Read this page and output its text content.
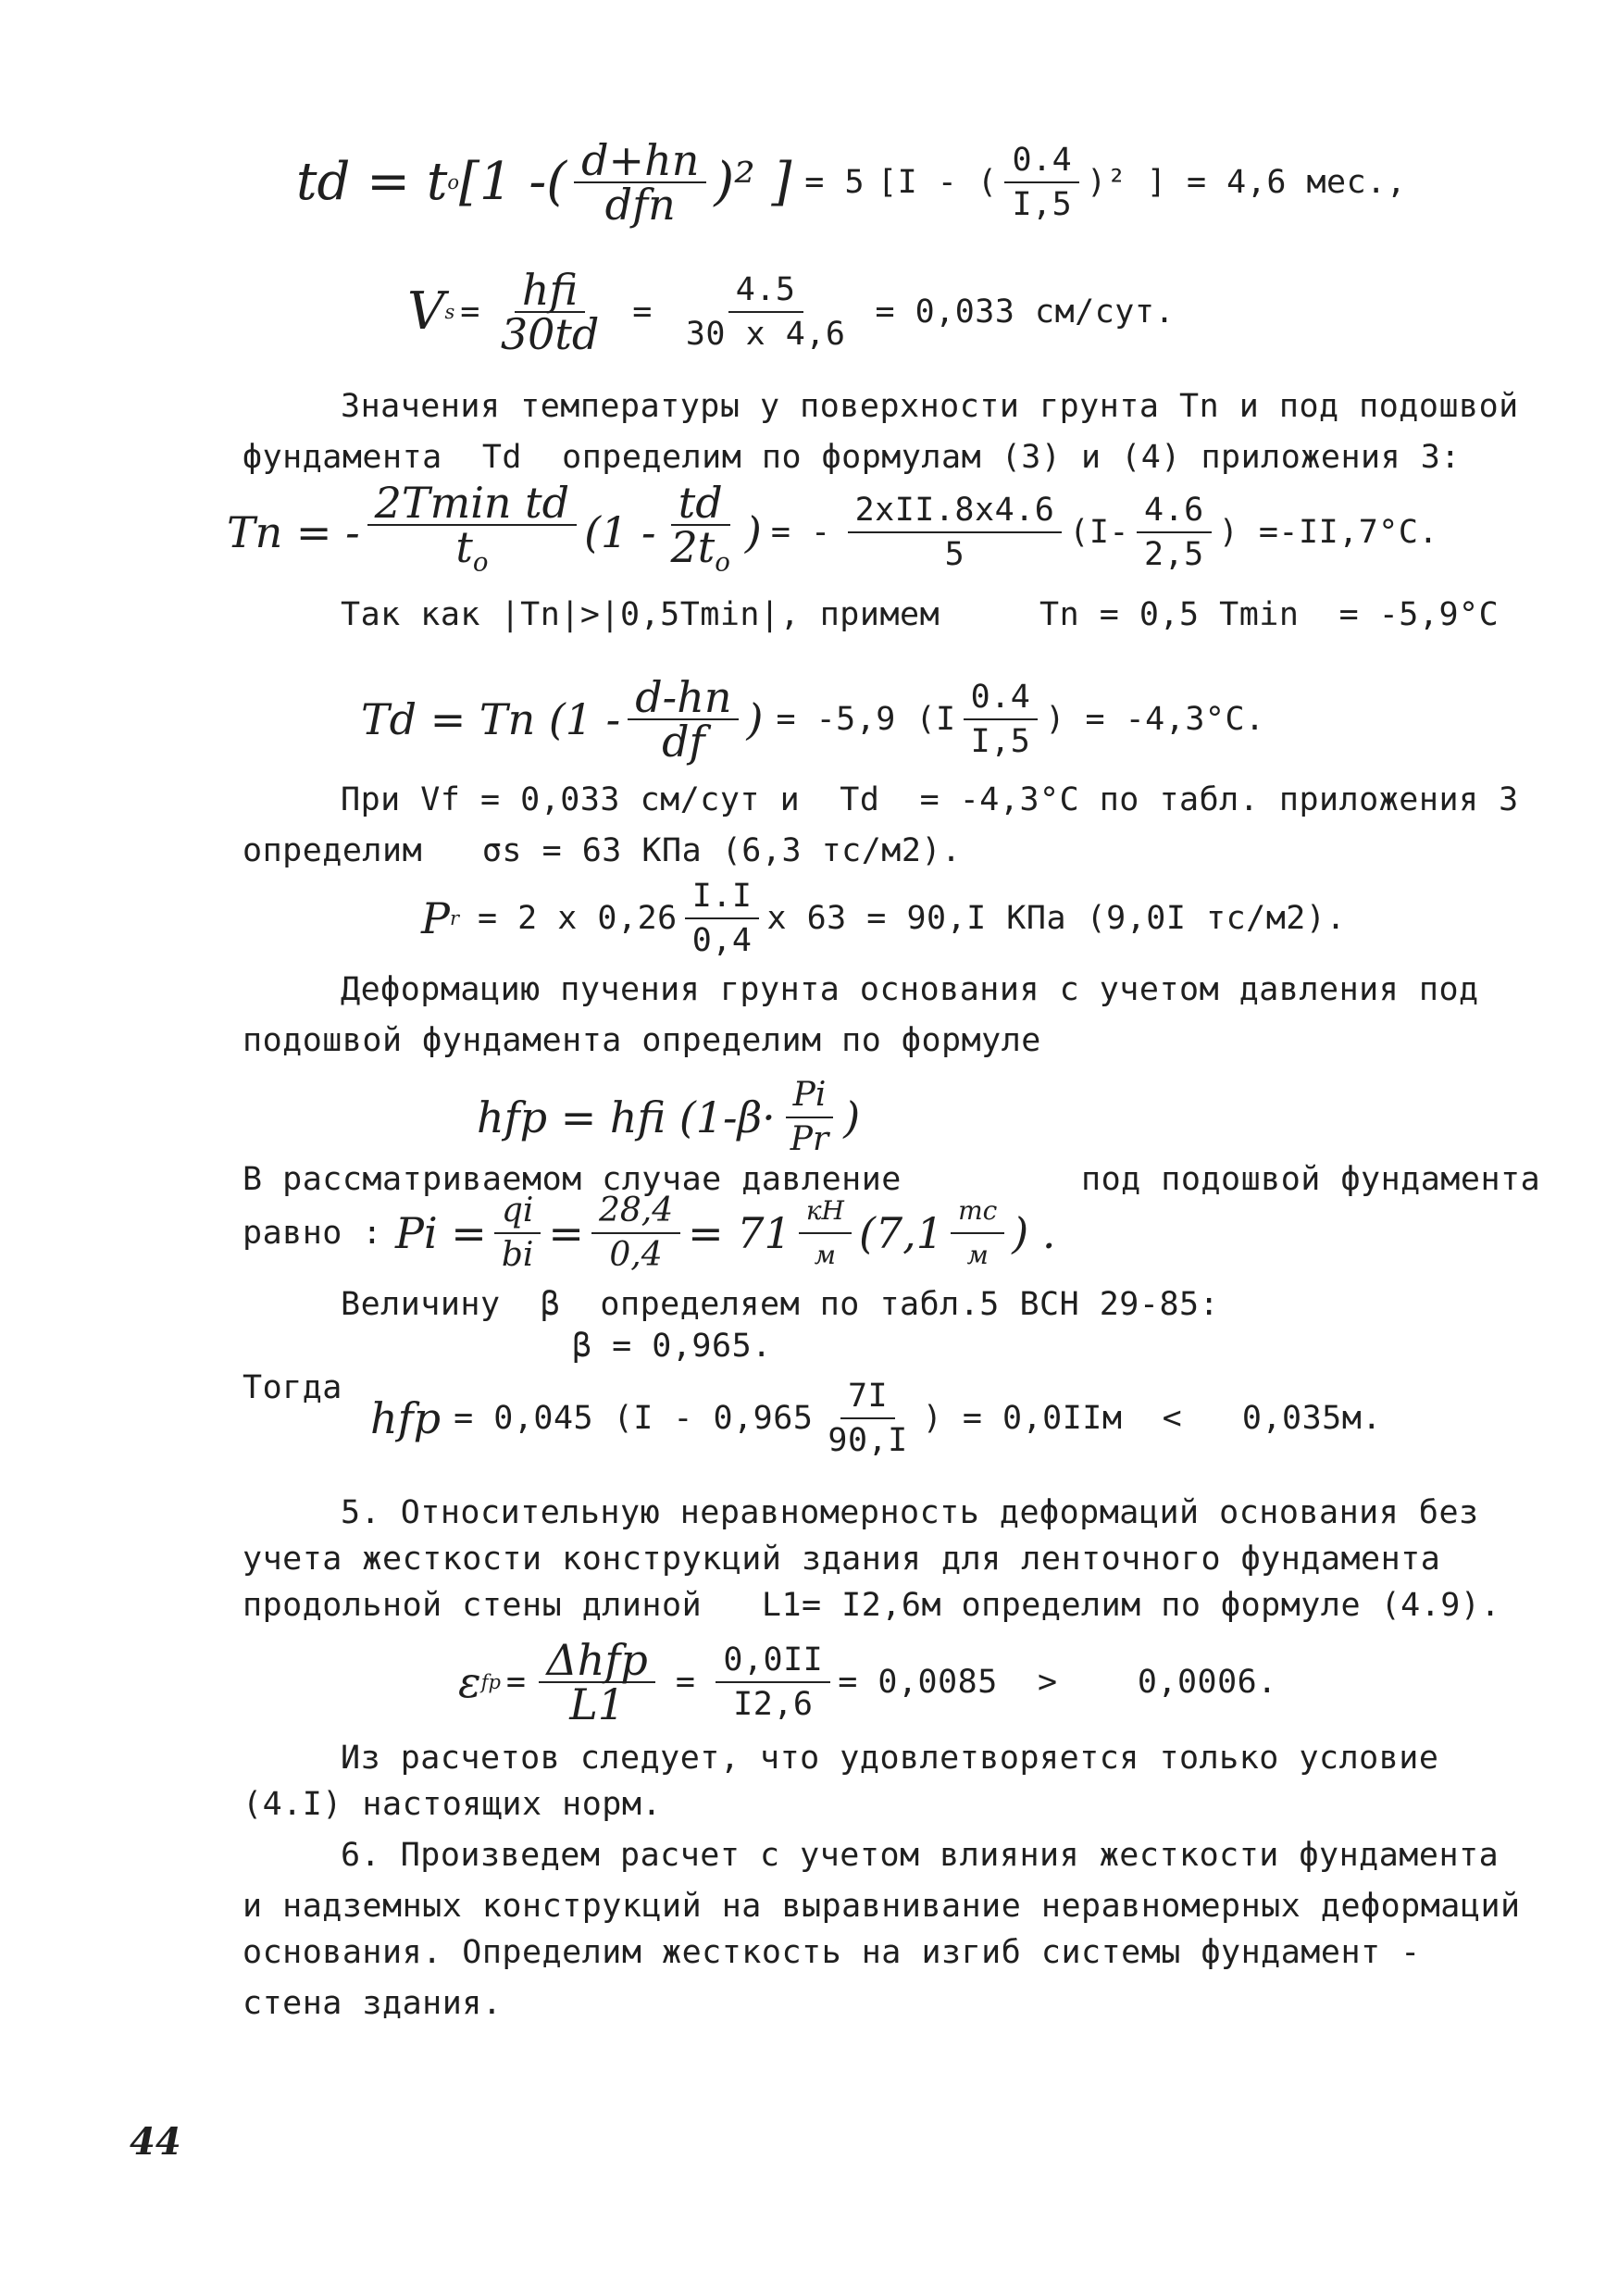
td = t o [1 -( $\frac{d+hn}{\text{dfn}} )^2$ ] = 5 [I - ( $\frac{0.4}{I,5} )^2$ ] = 4,6 мес.,
V $s = \frac{\text{hfi}}{30td} = \frac{4.5}{30 x 4,6} = 0,033$ см/сут.
Значения температуры у поверхности грунта Tn и под подошвой
фундамента  Td  определим по формулам (3) и (4) приложения 3:
Tn = - $\frac{\text{2Tmin td}}{t_o} (1 - \frac{td}{2t_o}$ ) = - $\frac{\text{2хII.8х4.6}}{5} (I- \frac{4.6}{2,5}$ ) =-II,7°C.
Так как |Tn|>|0,5Tmin|, примем     Tn = 0,5 Tmin  = -5,9°C
Td = Tn ($1 - \frac{d-hn}{df}$ ) = -5,9 ($I \frac{0.4}{I,5}$ ) = -4,3°C.
При Vf = 0,033 см/сут и  Td  = -4,3°C по табл. приложения 3
определим   σs = 63 КПа (6,3 тс/м2).
P r = 2 x $0,26 \frac{I.I}{0,4}$ x 63 = 90,I КПа (9,0I тс/м2).
Деформацию пучения грунта основания с учетом давления под
подошвой фундамента определим по формуле
hfp = hfi ($1-\beta\cdot \frac{Pi}{Pr}$ )
В рассматриваемом случае давление         под подошвой фундамента
равно : $Pi = \frac{qi}{bi} = \frac{28,4}{0,4} = 71 \frac{кН}{м} (7,1 \frac{тс}{м}$ ) .
Величину  β  определяем по табл.5 ВСН 29-85:
β = 0,965.
Тогда
hfp = 0,045 ($I - 0,965 \frac{7I}{90,I}$ ) = 0,0IIм  <   0,035м.
5. Относительную неравномерность деформаций основания без
учета жесткости конструкций здания для ленточного фундамента
продольной стены длиной   L1= I2,6м определим по формуле (4.9).
ε fp = $\frac{\text{Δhfp}}{L1} = \frac{0,0II}{I2,6} = 0,0085$  >    0,0006.
Из расчетов следует, что удовлетворяется только условие
(4.I) настоящих норм.
6. Произведем расчет с учетом влияния жесткости фундамента
и надземных конструкций на выравнивание неравномерных деформаций
основания. Определим жесткость на изгиб системы фундамент -
стена здания.
44
